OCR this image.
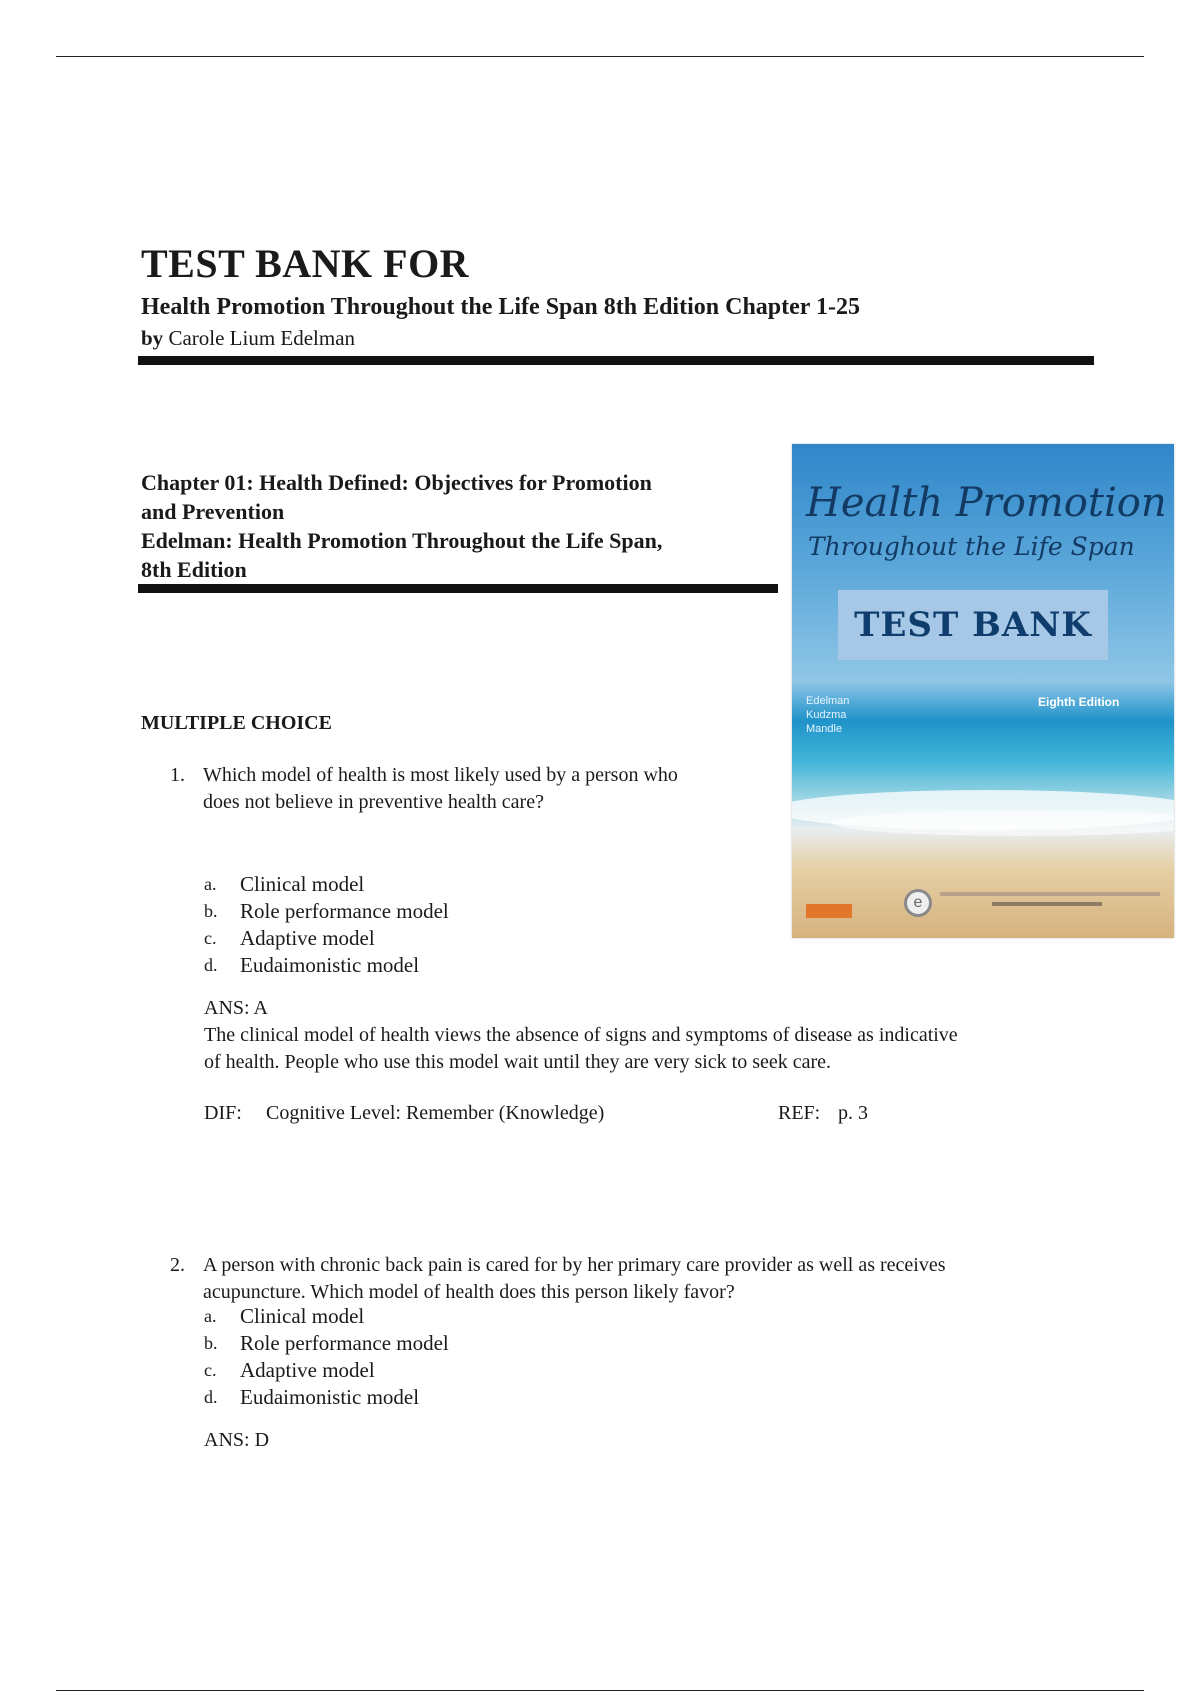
TEST BANK FOR
Health Promotion Throughout the Life Span 8th Edition Chapter 1-25
by Carole Lium Edelman
Chapter 01: Health Defined: Objectives for Promotion
and Prevention
Edelman: Health Promotion Throughout the Life Span,
8th Edition
Health Promotion
Throughout the Life Span
TEST BANK
Edelman
Kudzma
Mandle
Eighth Edition
e
MULTIPLE CHOICE
1. Which model of health is most likely used by a person who
does not believe in preventive health care?
a. Clinical model
b. Role performance model
c. Adaptive model
d. Eudaimonistic model
ANS: A
The clinical model of health views the absence of signs and symptoms of disease as indicative
of health. People who use this model wait until they are very sick to seek care.
DIF: Cognitive Level: Remember (Knowledge)	REF: p. 3
2. A person with chronic back pain is cared for by her primary care provider as well as receives
acupuncture. Which model of health does this person likely favor?
a. Clinical model
b. Role performance model
c. Adaptive model
d. Eudaimonistic model
ANS: D
